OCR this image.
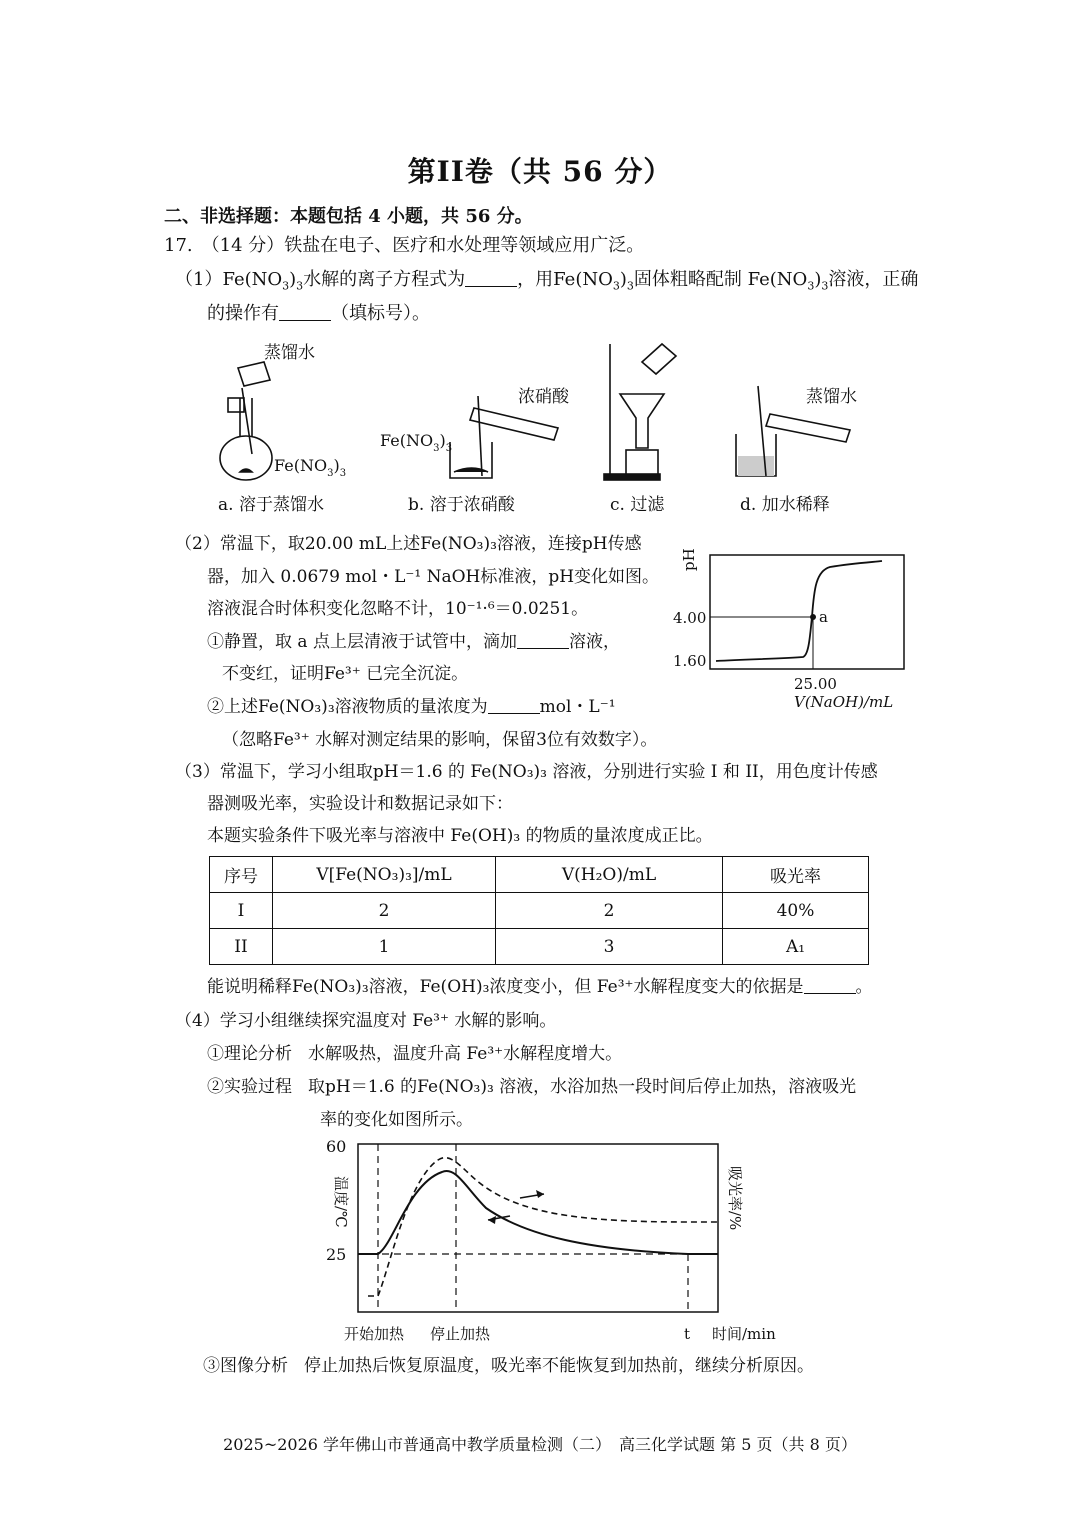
第II卷（共 56 分）
二、非选择题：本题包括 4 小题，共 56 分。
17.　（14 分）铁盐在电子、医疗和水处理等领域应用广泛。
$(1)Fe(NO_3)_3$水解的离子方程式为	，用$Fe(NO_3)_3$固体粗略配制 $Fe(NO_3)_3$溶液，正确
的操作有	（填标号）。
蒸馏水
$Fe(NO_3)_3$
浓硝酸
$Fe(NO_3)_3$
c. 过滤
蒸馏水
a. 溶于蒸馏水	b. 溶于浓硝酸	d. 加水稀释
（2）常温下，取20.00 mL上述Fe(NO₃)₃溶液，连接pH传感
器，加入 0.0679 mol・L⁻¹ NaOH标准液，pH变化如图。
溶液混合时体积变化忽略不计，10⁻¹·⁶＝0.0251。
①静置，取 a 点上层清液于试管中，滴加	溶液，
不变红，证明Fe³⁺ 已完全沉淀。
②上述Fe(NO₃)₃溶液物质的量浓度为	mol・L⁻¹
（忽略Fe³⁺ 水解对测定结果的影响，保留3位有效数字）。
pH
a
4.00
1.60
25.00
V(NaOH)/mL
（3）常温下，学习小组取pH＝1.6 的 Fe(NO₃)₃ 溶液，分别进行实验 I 和 II，用色度计传感
器测吸光率，实验设计和数据记录如下：
本题实验条件下吸光率与溶液中 Fe(OH)₃ 的物质的量浓度成正比。
序号	V[Fe(NO₃)₃]/mL	V(H₂O)/mL	吸光率
I	2	2	40%
II	1	3	A₁
能说明稀释Fe(NO₃)₃溶液，Fe(OH)₃浓度变小，但 Fe³⁺水解程度变大的依据是	。
（4）学习小组继续探究温度对 Fe³⁺ 水解的影响。
①理论分析 水解吸热，温度升高 Fe³⁺水解程度增大。
②实验过程 取pH＝1.6 的Fe(NO₃)₃ 溶液，水浴加热一段时间后停止加热，溶液吸光
率的变化如图所示。
60
25
温度/℃	吸光率/%
开始加热 停止加热	t 时间/min
③图像分析 停止加热后恢复原温度，吸光率不能恢复到加热前，继续分析原因。
2025~2026 学年佛山市普通高中教学质量检测（二）　高三化学试题 第 5 页（共 8 页）
